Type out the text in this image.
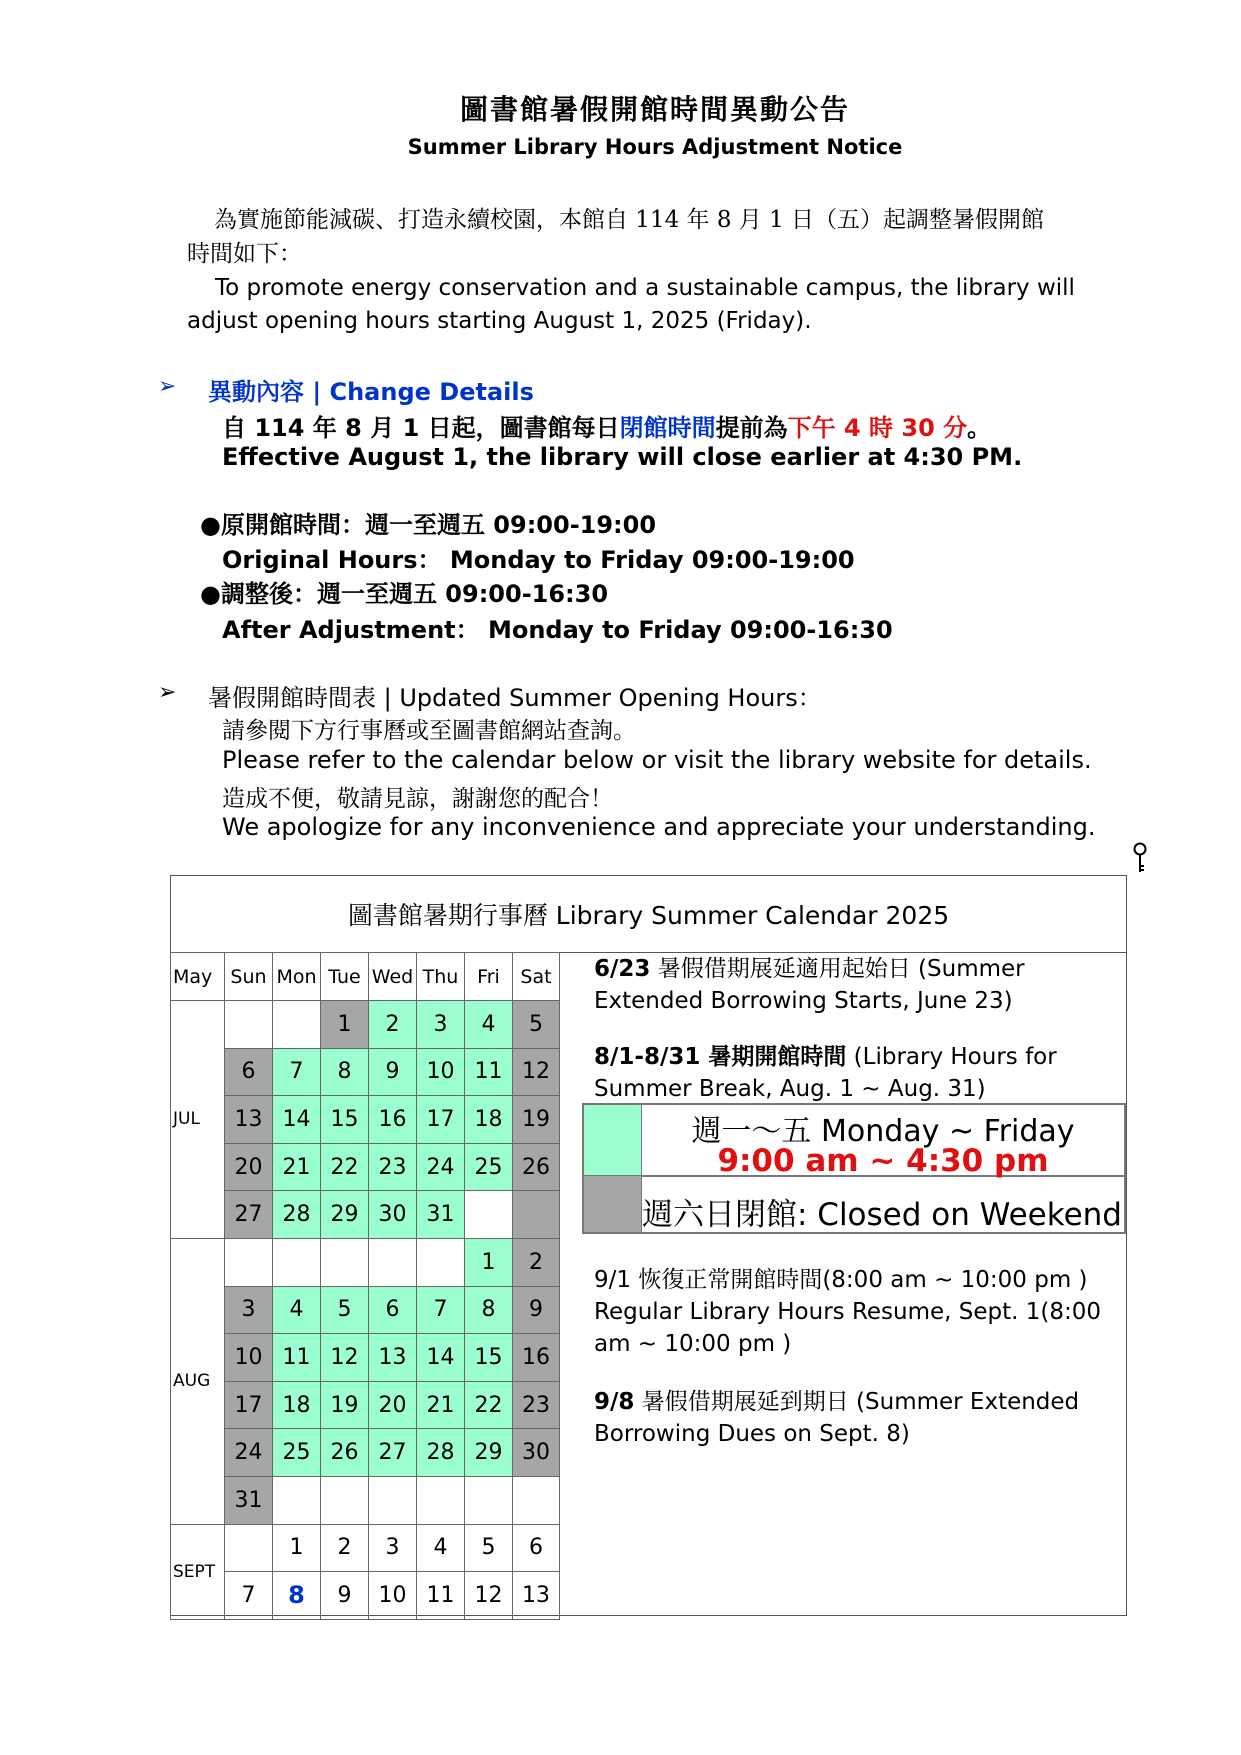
圖書館暑假開館時間異動公告
Summer Library Hours Adjustment Notice
為實施節能減碳、打造永續校園，本館自 114 年 8 月 1 日（五）起調整暑假開館
時間如下：
To promote energy conservation and a sustainable campus, the library will
adjust opening hours starting August 1, 2025 (Friday).
➢ 異動內容 | Change Details
自 114 年 8 月 1 日起，圖書館每日閉館時間提前為下午 4 時 30 分。
Effective August 1, the library will close earlier at 4:30 PM.
●原開館時間：週一至週五 09:00-19:00
Original Hours： Monday to Friday 09:00-19:00
●調整後：週一至週五 09:00-16:30
After Adjustment： Monday to Friday 09:00-16:30
➢ 暑假開館時間表 | Updated Summer Opening Hours：
請參閱下方行事曆或至圖書館網站查詢。
Please refer to the calendar below or visit the library website for details.
造成不便，敬請見諒，謝謝您的配合！
We apologize for any inconvenience and appreciate your understanding.
圖書館暑期行事曆 Library Summer Calendar 2025
May	Sun	Mon	Tue	Wed	Thu	Fri	Sat
JUL			1	2	3	4	5
	6	7	8	9	10	11	12
	13	14	15	16	17	18	19
	20	21	22	23	24	25	26
	27	28	29	30	31		
AUG						1	2
	3	4	5	6	7	8	9
	10	11	12	13	14	15	16
	17	18	19	20	21	22	23
	24	25	26	27	28	29	30
	31						
SEPT		1	2	3	4	5	6
	7	8	9	10	11	12	13
6/23 暑假借期展延適用起始日 (Summer Extended Borrowing Starts, June 23)
8/1-8/31 暑期開館時間 (Library Hours for Summer Break, Aug. 1 ~ Aug. 31)
週一～五 Monday ~ Friday
9:00 am ~ 4:30 pm
週六日閉館: Closed on Weekend
9/1 恢復正常開館時間(8:00 am ~ 10:00 pm )
Regular Library Hours Resume, Sept. 1(8:00 am ~ 10:00 pm )
9/8 暑假借期展延到期日 (Summer Extended Borrowing Dues on Sept. 8)
